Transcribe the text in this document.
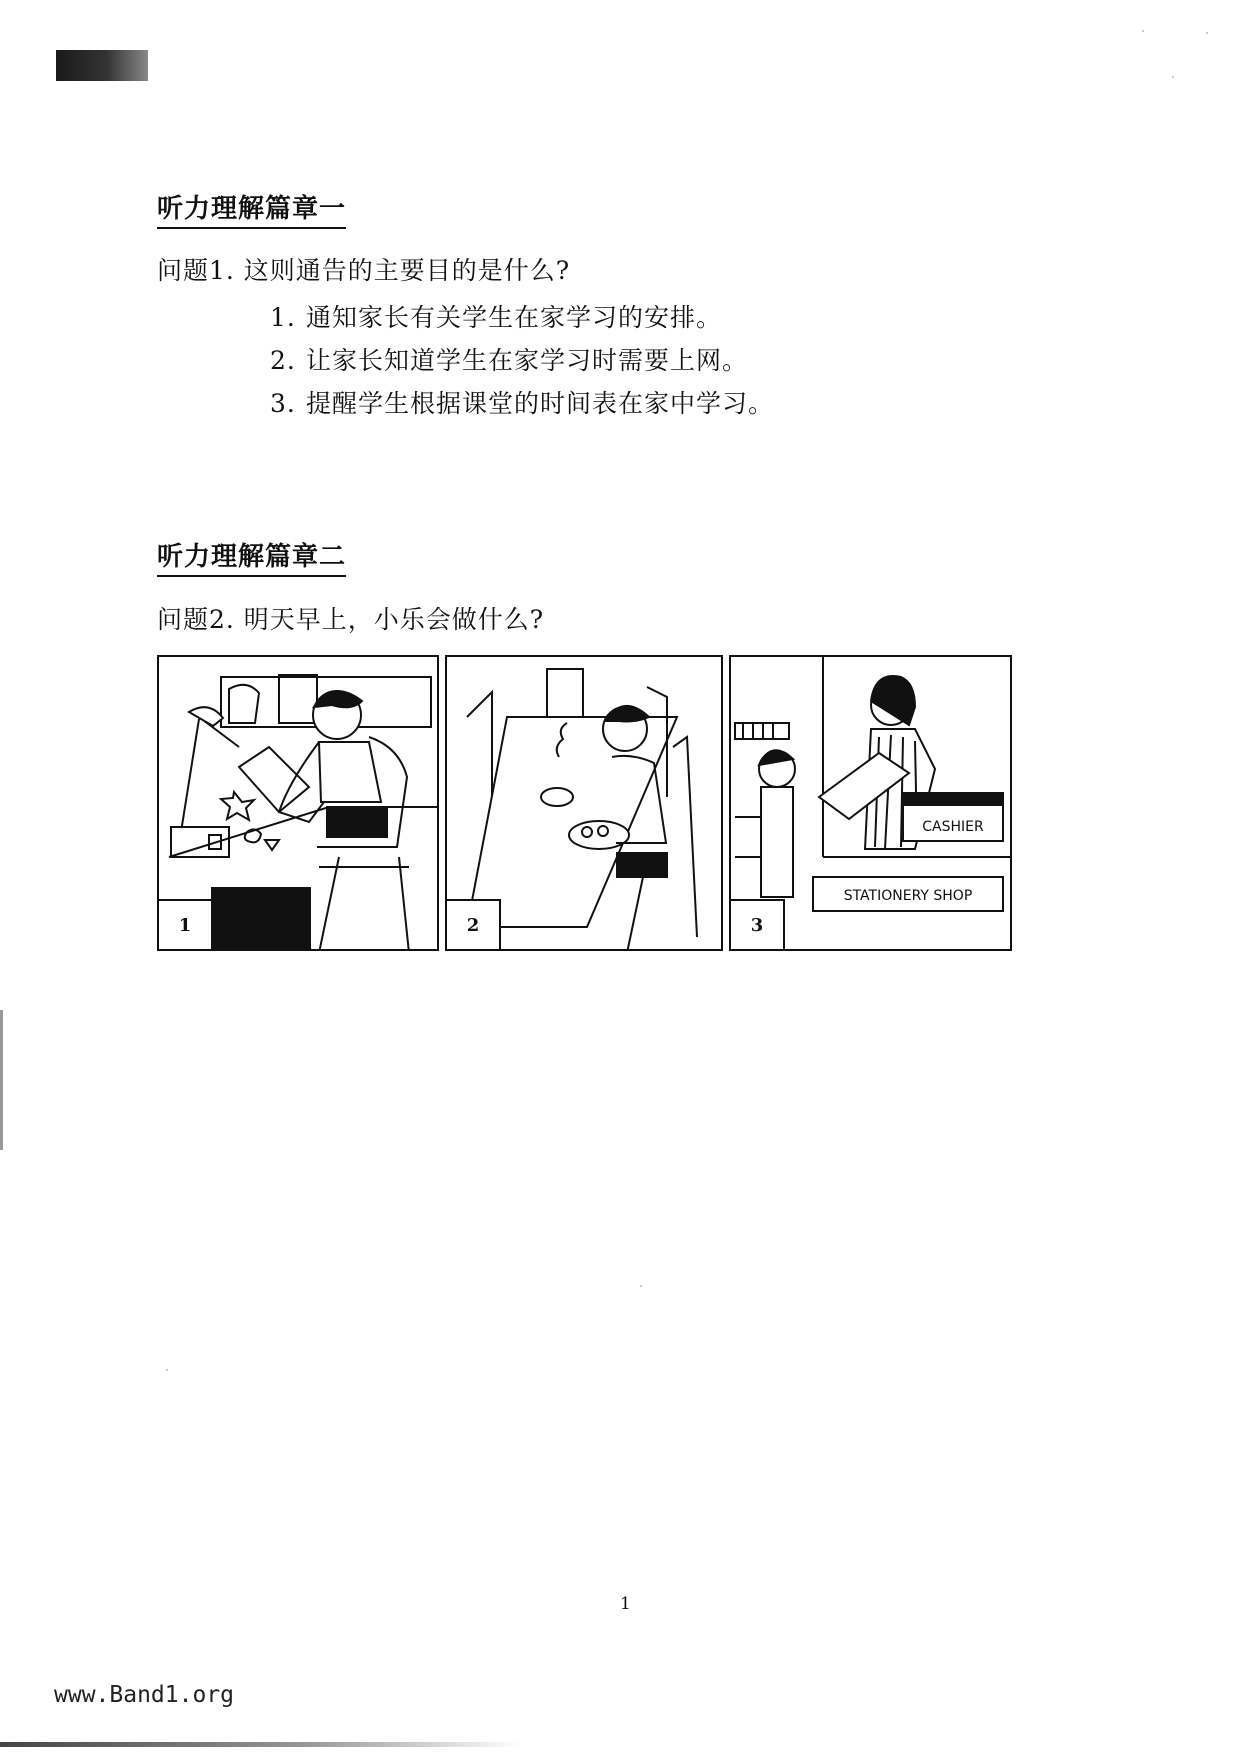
听力理解篇章一
问题1. 这则通告的主要目的是什么?
1. 通知家长有关学生在家学习的安排。
2. 让家长知道学生在家学习时需要上网。
3. 提醒学生根据课堂的时间表在家中学习。
听力理解篇章二
问题2. 明天早上，小乐会做什么?
1	2
CASHIER
STATIONERY SHOP
3
1
www.Band1.org
